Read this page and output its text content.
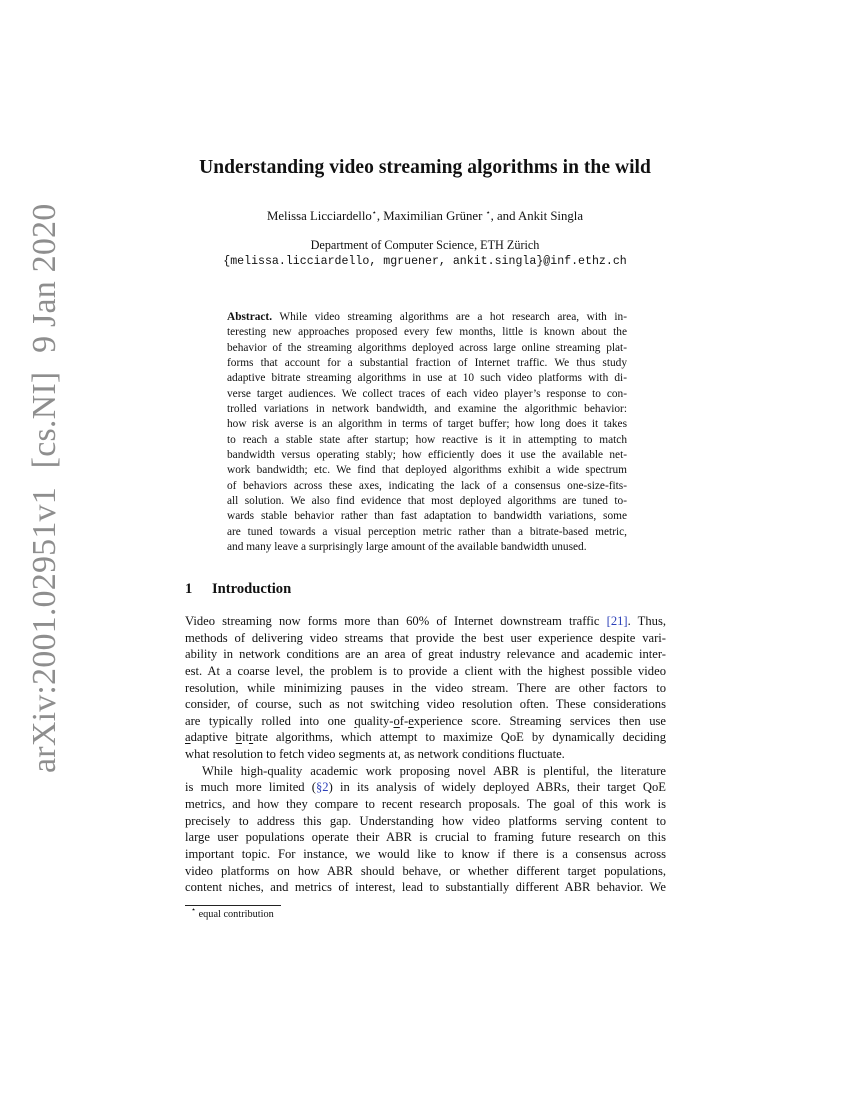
arXiv:2001.02951v1 [cs.NI] 9 Jan 2020
Understanding video streaming algorithms in the wild
Melissa Licciardello⋆, Maximilian Grüner ⋆, and Ankit Singla
Department of Computer Science, ETH Zürich
{melissa.licciardello, mgruener, ankit.singla}@inf.ethz.ch
Abstract. While video streaming algorithms are a hot research area, with in-
teresting new approaches proposed every few months, little is known about the
behavior of the streaming algorithms deployed across large online streaming plat-
forms that account for a substantial fraction of Internet traffic. We thus study
adaptive bitrate streaming algorithms in use at 10 such video platforms with di-
verse target audiences. We collect traces of each video player’s response to con-
trolled variations in network bandwidth, and examine the algorithmic behavior:
how risk averse is an algorithm in terms of target buffer; how long does it takes
to reach a stable state after startup; how reactive is it in attempting to match
bandwidth versus operating stably; how efficiently does it use the available net-
work bandwidth; etc. We find that deployed algorithms exhibit a wide spectrum
of behaviors across these axes, indicating the lack of a consensus one-size-fits-
all solution. We also find evidence that most deployed algorithms are tuned to-
wards stable behavior rather than fast adaptation to bandwidth variations, some
are tuned towards a visual perception metric rather than a bitrate-based metric,
and many leave a surprisingly large amount of the available bandwidth unused.
1 Introduction
Video streaming now forms more than 60% of Internet downstream traffic [21]. Thus,
methods of delivering video streams that provide the best user experience despite vari-
ability in network conditions are an area of great industry relevance and academic inter-
est. At a coarse level, the problem is to provide a client with the highest possible video
resolution, while minimizing pauses in the video stream. There are other factors to
consider, of course, such as not switching video resolution often. These considerations
are typically rolled into one quality-of-experience score. Streaming services then use
adaptive bitrate algorithms, which attempt to maximize QoE by dynamically deciding
what resolution to fetch video segments at, as network conditions fluctuate.
While high-quality academic work proposing novel ABR is plentiful, the literature
is much more limited (§2) in its analysis of widely deployed ABRs, their target QoE
metrics, and how they compare to recent research proposals. The goal of this work is
precisely to address this gap. Understanding how video platforms serving content to
large user populations operate their ABR is crucial to framing future research on this
important topic. For instance, we would like to know if there is a consensus across
video platforms on how ABR should behave, or whether different target populations,
content niches, and metrics of interest, lead to substantially different ABR behavior. We
⋆ equal contribution
